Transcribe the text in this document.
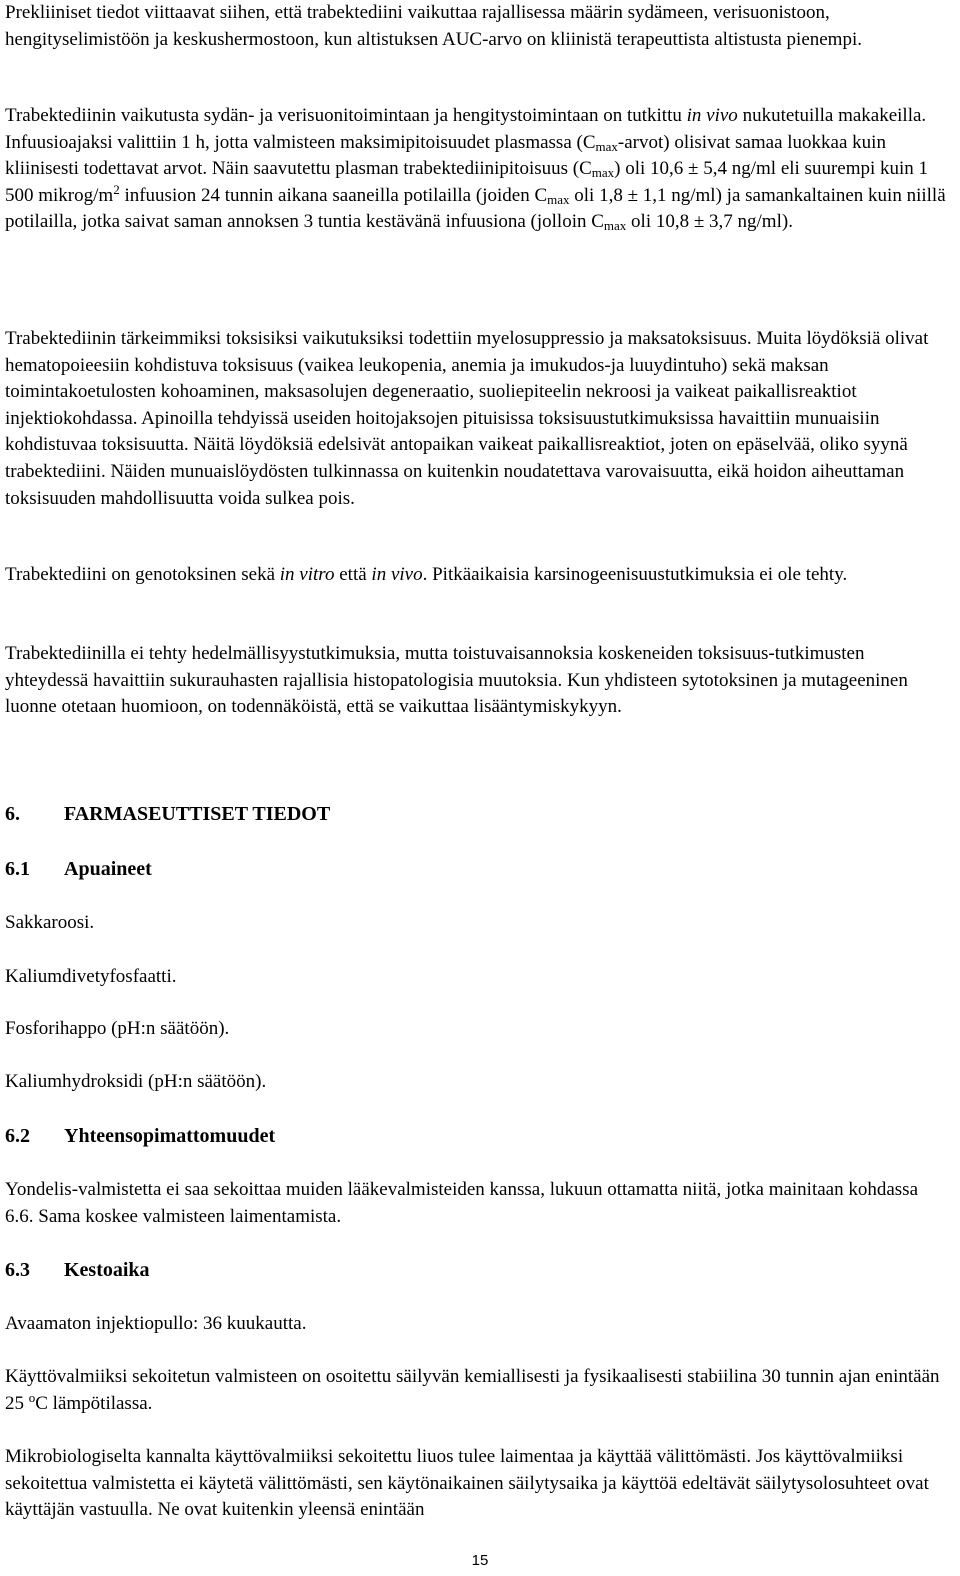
Prekliiniset tiedot viittaavat siihen, että trabektediini vaikuttaa rajallisessa määrin sydämeen, verisuonistoon, hengityselimistöön ja keskushermostoon, kun altistuksen AUC-arvo on kliinistä terapeuttista altistusta pienempi.

Trabektediinin vaikutusta sydän- ja verisuonitoimintaan ja hengitystoimintaan on tutkittu in vivo nukutetuilla makakeilla. Infuusioajaksi valittiin 1 h, jotta valmisteen maksimipitoisuudet plasmassa $(C_{max}-arvot)$ olisivat samaa luokkaa kuin kliinisesti todettavat arvot. Näin saavutettu plasman trabektediinipitoisuus $(C_{max})$ oli 10,6 ± 5,4 ng/ml eli suurempi kuin 1 500 mikrog/$m^2$ infuusion 24 tunnin aikana saaneilla potilailla (joiden $C_{max}$ oli 1,8 ± 1,1 ng/ml) ja samankaltainen kuin niillä potilailla, jotka saivat saman annoksen 3 tuntia kestävänä infuusiona (jolloin $C_{max}$ oli 10,8 ± 3,7 ng/ml).

Trabektediinin tärkeimmiksi toksisiksi vaikutuksiksi todettiin myelosuppressio ja maksatoksisuus. Muita löydöksiä olivat hematopoieesiin kohdistuva toksisuus (vaikea leukopenia, anemia ja imukudos-ja luuydintuho) sekä maksan toimintakoetulosten kohoaminen, maksasolujen degeneraatio, suoliepiteelin nekroosi ja vaikeat paikallisreaktiot injektiokohdassa. Apinoilla tehdyissä useiden hoitojaksojen pituisissa toksisuustutkimuksissa havaittiin munuaisiin kohdistuvaa toksisuutta. Näitä löydöksiä edelsivät antopaikan vaikeat paikallisreaktiot, joten on epäselvää, oliko syynä trabektediini. Näiden munuaislöydösten tulkinnassa on kuitenkin noudatettava varovaisuutta, eikä hoidon aiheuttaman toksisuuden mahdollisuutta voida sulkea pois.

Trabektediini on genotoksinen sekä in vitro että in vivo. Pitkäaikaisia karsinogeenisuustutkimuksia ei ole tehty.

Trabektediinilla ei tehty hedelmällisyystutkimuksia, mutta toistuvaisannoksia koskeneiden toksisuus-tutkimusten yhteydessä havaittiin sukurauhasten rajallisia histopatologisia muutoksia. Kun yhdisteen sytotoksinen ja mutageeninen luonne otetaan huomioon, on todennäköistä, että se vaikuttaa lisääntymiskykyyn.

6. FARMASEUTTISET TIEDOT
6.1 Apuaineet

Sakkaroosi.

Kaliumdivetyfosfaatti.

Fosforihappo (pH:n säätöön).

Kaliumhydroksidi (pH:n säätöön).

6.2 Yhteensopimattomuudet

Yondelis-valmistetta ei saa sekoittaa muiden lääkevalmisteiden kanssa, lukuun ottamatta niitä, jotka mainitaan kohdassa 6.6. Sama koskee valmisteen laimentamista.

6.3 Kestoaika

Avaamaton injektiopullo: 36 kuukautta.

Käyttövalmiiksi sekoitetun valmisteen on osoitettu säilyvän kemiallisesti ja fysikaalisesti stabiilina 30 tunnin ajan enintään 25 $^o$C lämpötilassa.

Mikrobiologiselta kannalta käyttövalmiiksi sekoitettu liuos tulee laimentaa ja käyttää välittömästi. Jos käyttövalmiiksi sekoitettua valmistetta ei käytetä välittömästi, sen käytönaikainen säilytysaika ja käyttöä edeltävät säilytysolosuhteet ovat käyttäjän vastuulla. Ne ovat kuitenkin yleensä enintään

15
